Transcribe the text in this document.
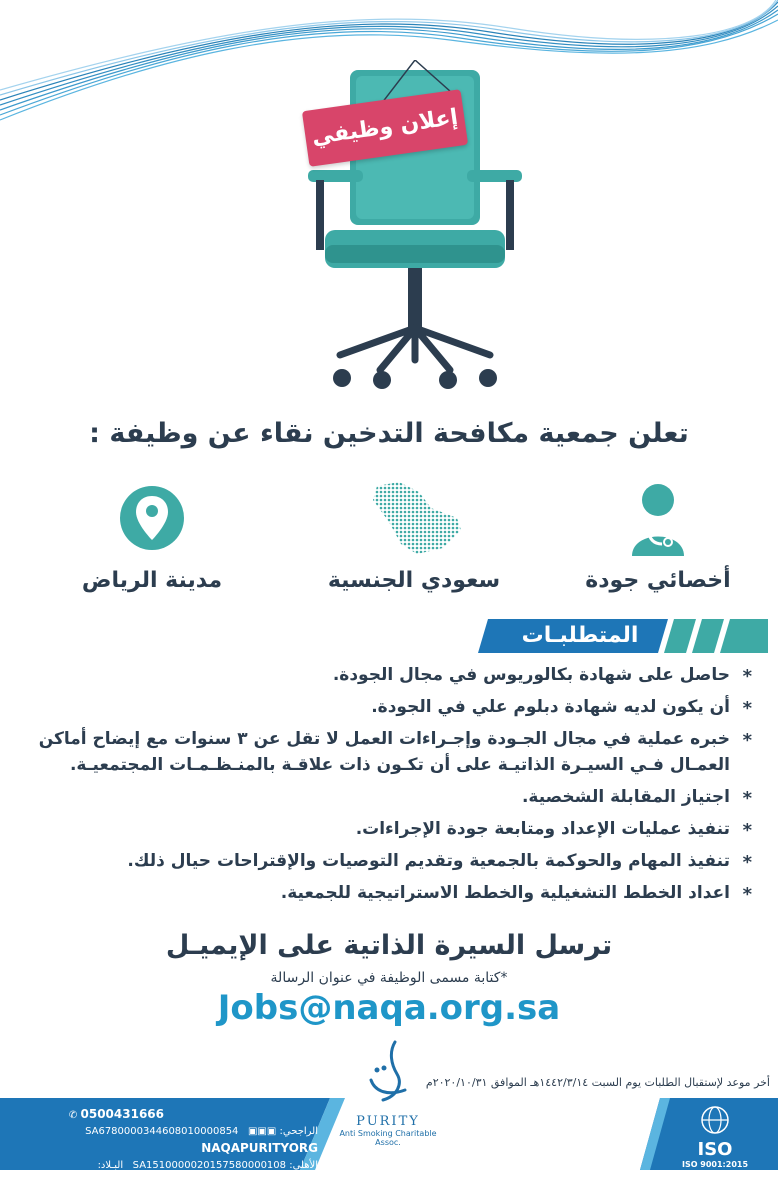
إعلان وظيفي
تعلن جمعية مكافحة التدخين نقاء عن وظيفة :
أخصائي جودة
سعودي الجنسية
مدينة الرياض
المتطلبـات
*
حاصل على شهادة بكالوريوس في مجال الجودة.
*
أن يكون لديه شهادة دبلوم علي في الجودة.
*
خبره عملية في مجال الجـودة وإجـراءات العمل لا تقل عن ٣ سنوات مع إيضاح أماكن العمـال فـي السيـرة الذاتيـة على أن تكـون ذات علاقـة بالمنـظـمـات المجتمعيـة.
*
اجتياز المقابلة الشخصية.
*
تنفيذ عمليات الإعداد ومتابعة جودة الإجراءات.
*
تنفيذ المهام والحوكمة بالجمعية وتقديم التوصيات والإقتراحات حيال ذلك.
*
اعداد الخطط التشغيلية والخطط الاستراتيجية للجمعية.
ترسل السيرة الذاتية على الإيميـل
*كتابة مسمى الوظيفة في عنوان الرسالة
Jobs@naqa.org.sa
أخر موعد لإستقبال الطلبات يوم السبت ١٤٤٢/٣/١٤هـ الموافق ٢٠٢٠/١٠/٣١م
0500431666 ✆
الراجحي: SA6780000344608010000854 ▣▣▣ NAQAPURITYORG
الأهلي: SA1510000020157580000108   البـلاد: SA2515000999300001650004
PURITY
Anti Smoking Charitable Assoc.	ISO
ISO 9001:2015
